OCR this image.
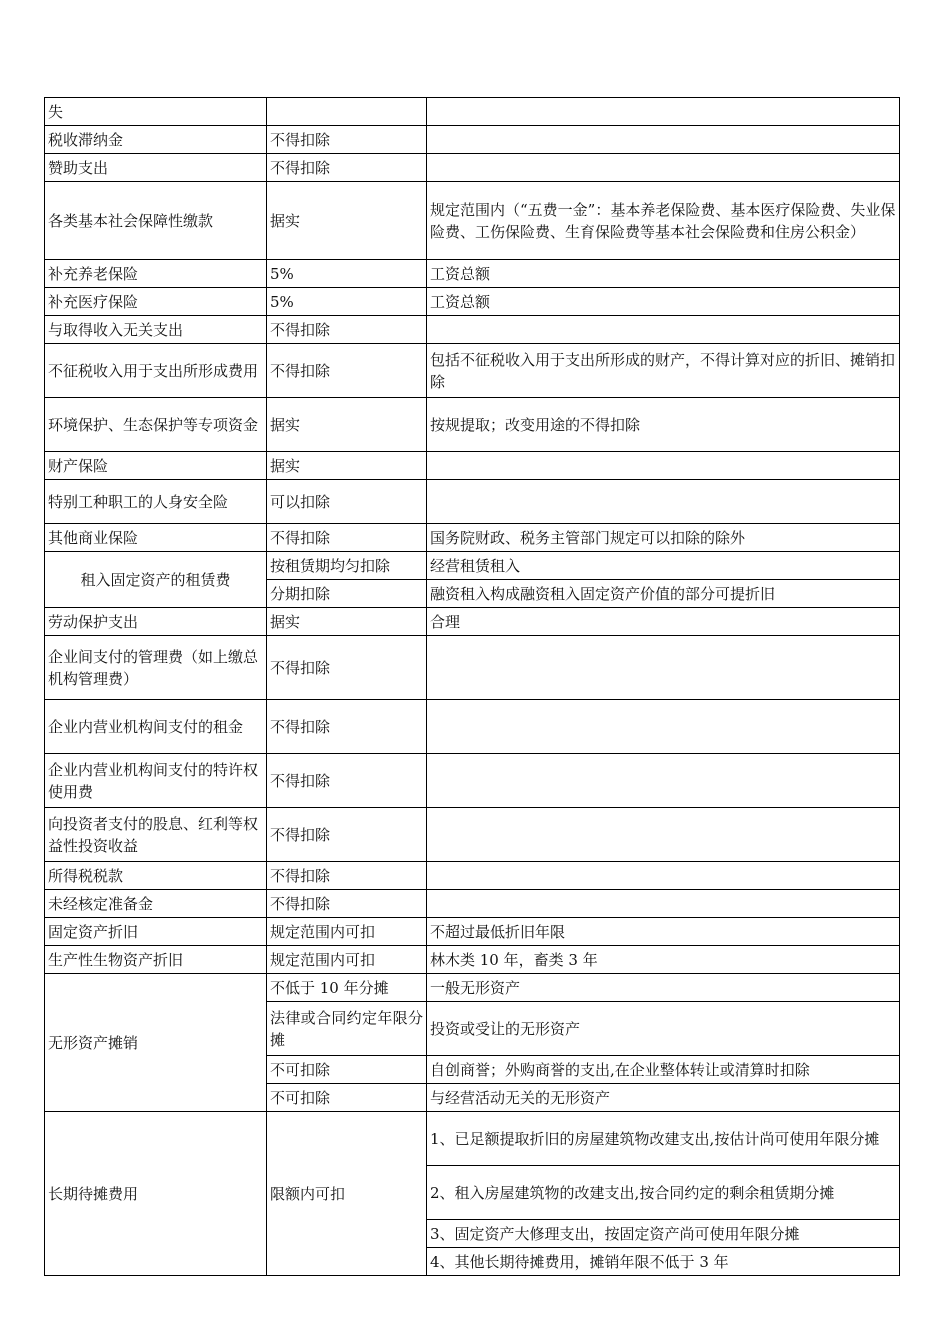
失		
税收滞纳金	不得扣除	
赞助支出	不得扣除	
各类基本社会保障性缴款	据实	规定范围内（“五费一金”：基本养老保险费、基本医疗保险费、失业保险费、工伤保险费、生育保险费等基本社会保险费和住房公积金）
补充养老保险	5%	工资总额
补充医疗保险	5%	工资总额
与取得收入无关支出	不得扣除	
不征税收入用于支出所形成费用	不得扣除	包括不征税收入用于支出所形成的财产，不得计算对应的折旧、摊销扣除
环境保护、生态保护等专项资金	据实	按规提取；改变用途的不得扣除
财产保险	据实	
特别工种职工的人身安全险	可以扣除	
其他商业保险	不得扣除	国务院财政、税务主管部门规定可以扣除的除外
租入固定资产的租赁费	按租赁期均匀扣除	经营租赁租入
	分期扣除	融资租入构成融资租入固定资产价值的部分可提折旧
劳动保护支出	据实	合理
企业间支付的管理费（如上缴总机构管理费）	不得扣除	
企业内营业机构间支付的租金	不得扣除	
企业内营业机构间支付的特许权使用费	不得扣除	
向投资者支付的股息、红利等权益性投资收益	不得扣除	
所得税税款	不得扣除	
未经核定准备金	不得扣除	
固定资产折旧	规定范围内可扣	不超过最低折旧年限
生产性生物资产折旧	规定范围内可扣	林木类 10 年，畜类 3 年
无形资产摊销	不低于 10 年分摊	一般无形资产
	法律或合同约定年限分摊	投资或受让的无形资产
	不可扣除	自创商誉；外购商誉的支出,在企业整体转让或清算时扣除
	不可扣除	与经营活动无关的无形资产
长期待摊费用	限额内可扣	1、已足额提取折旧的房屋建筑物改建支出,按估计尚可使用年限分摊
		2、租入房屋建筑物的改建支出,按合同约定的剩余租赁期分摊
		3、固定资产大修理支出，按固定资产尚可使用年限分摊
		4、其他长期待摊费用，摊销年限不低于 3 年
